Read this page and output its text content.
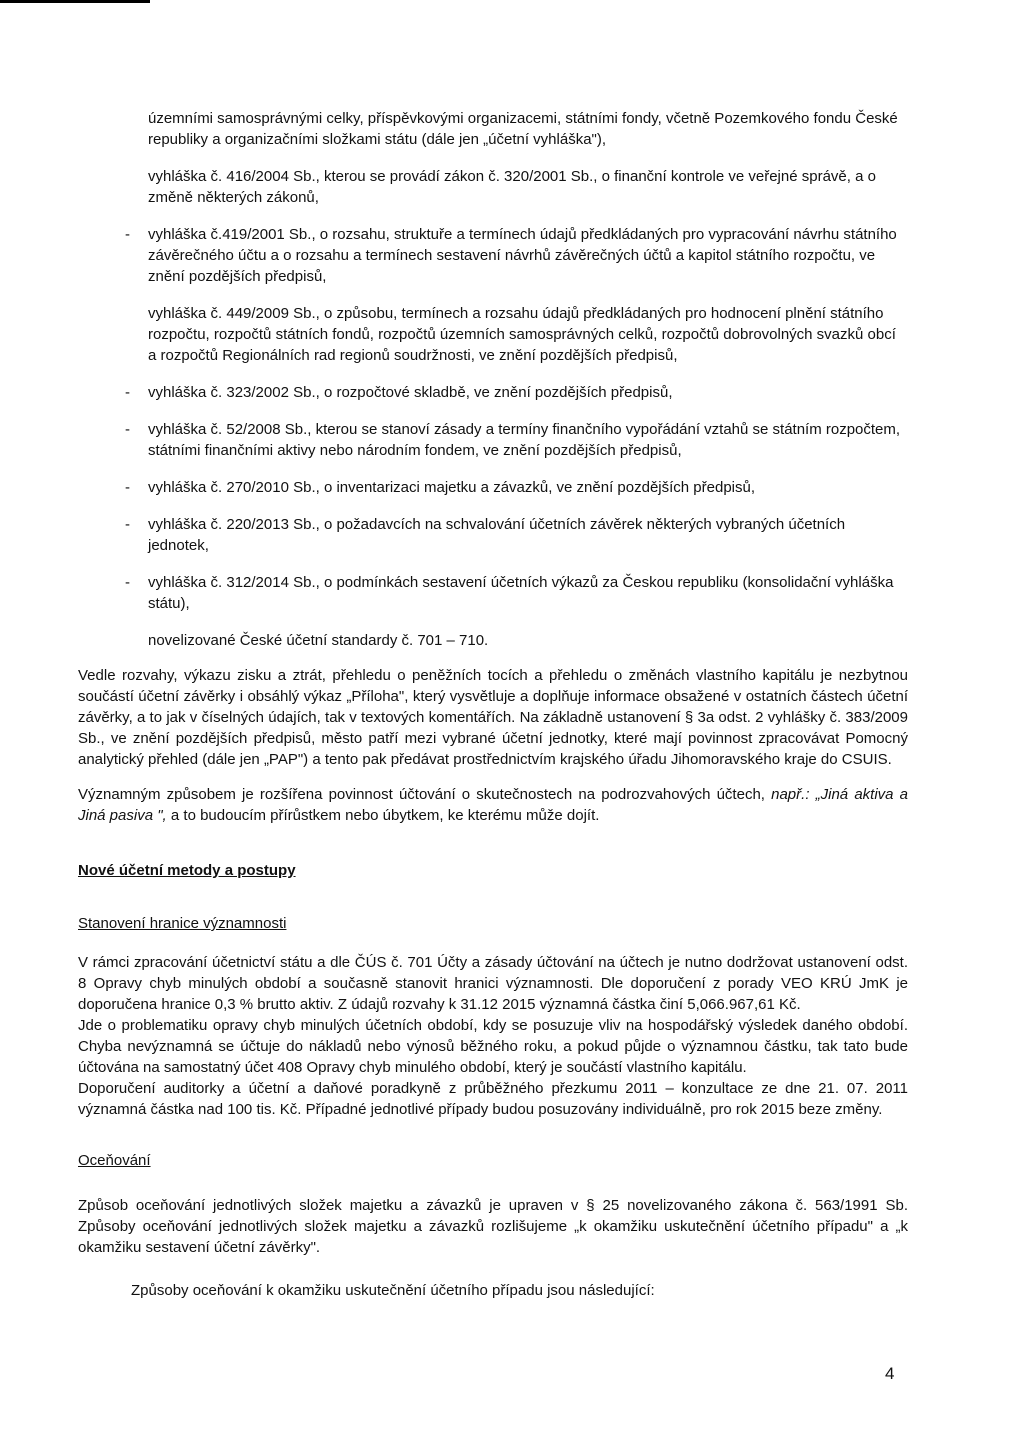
územními samosprávnými celky, příspěvkovými organizacemi, státními fondy, včetně Pozemkového fondu České republiky a organizačními složkami státu (dále jen „účetní vyhláška"),

vyhláška č. 416/2004 Sb., kterou se provádí zákon č. 320/2001 Sb., o finanční kontrole ve veřejné správě, a o změně některých zákonů,

- vyhláška č.419/2001 Sb., o rozsahu, struktuře a termínech údajů předkládaných pro vypracování návrhu státního závěrečného účtu a o rozsahu a termínech sestavení návrhů závěrečných účtů a kapitol státního rozpočtu, ve znění pozdějších předpisů,

vyhláška č. 449/2009 Sb., o způsobu, termínech a rozsahu údajů předkládaných pro hodnocení plnění státního rozpočtu, rozpočtů státních fondů, rozpočtů územních samosprávných celků, rozpočtů dobrovolných svazků obcí a rozpočtů Regionálních rad regionů soudržnosti, ve znění pozdějších předpisů,

- vyhláška č. 323/2002 Sb., o rozpočtové skladbě, ve znění pozdějších předpisů,

- vyhláška č. 52/2008 Sb., kterou se stanoví zásady a termíny finančního vypořádání vztahů se státním rozpočtem, státními finančními aktivy nebo národním fondem, ve znění pozdějších předpisů,

- vyhláška č. 270/2010 Sb., o inventarizaci majetku a závazků, ve znění pozdějších předpisů,

- vyhláška č. 220/2013 Sb., o požadavcích na schvalování účetních závěrek některých vybraných účetních jednotek,

- vyhláška č. 312/2014 Sb., o podmínkách sestavení účetních výkazů za Českou republiku (konsolidační vyhláška státu),

novelizované České účetní standardy č. 701 – 710.

Vedle rozvahy, výkazu zisku a ztrát, přehledu o peněžních tocích a přehledu o změnách vlastního kapitálu je nezbytnou součástí účetní závěrky i obsáhlý výkaz „Příloha", který vysvětluje a doplňuje informace obsažené v ostatních částech účetní závěrky, a to jak v číselných údajích, tak v textových komentářích. Na základně ustanovení § 3a odst. 2 vyhlášky č. 383/2009 Sb., ve znění pozdějších předpisů, město patří mezi vybrané účetní jednotky, které mají povinnost zpracovávat Pomocný analytický přehled (dále jen „PAP") a tento pak předávat prostřednictvím krajského úřadu Jihomoravského kraje do CSUIS.

Významným způsobem je rozšířena povinnost účtování o skutečnostech na podrozvahových účtech, např.: „Jiná aktiva a Jiná pasiva ", a to budoucím přírůstkem nebo úbytkem, ke kterému může dojít.

Nové účetní metody a postupy
Stanovení hranice významnosti

V rámci zpracování účetnictví státu a dle ČÚS č. 701 Účty a zásady účtování na účtech je nutno dodržovat ustanovení odst. 8 Opravy chyb minulých období a současně stanovit hranici významnosti. Dle doporučení z porady VEO KRÚ JmK je doporučena hranice 0,3 % brutto aktiv. Z údajů rozvahy k 31.12 2015 významná částka činí 5,066.967,61 Kč.

Jde o problematiku opravy chyb minulých účetních období, kdy se posuzuje vliv na hospodářský výsledek daného období. Chyba nevýznamná se účtuje do nákladů nebo výnosů běžného roku, a pokud půjde o významnou částku, tak tato bude účtována na samostatný účet 408 Opravy chyb minulého období, který je součástí vlastního kapitálu.

Doporučení auditorky a účetní a daňové poradkyně z průběžného přezkumu 2011 – konzultace ze dne 21. 07. 2011 významná částka nad 100 tis. Kč. Případné jednotlivé případy budou posuzovány individuálně, pro rok 2015 beze změny.

Oceňování

Způsob oceňování jednotlivých složek majetku a závazků je upraven v § 25 novelizovaného zákona č. 563/1991 Sb. Způsoby oceňování jednotlivých složek majetku a závazků rozlišujeme „k okamžiku uskutečnění účetního případu" a „k okamžiku sestavení účetní závěrky".

Způsoby oceňování k okamžiku uskutečnění účetního případu jsou následující:

4
